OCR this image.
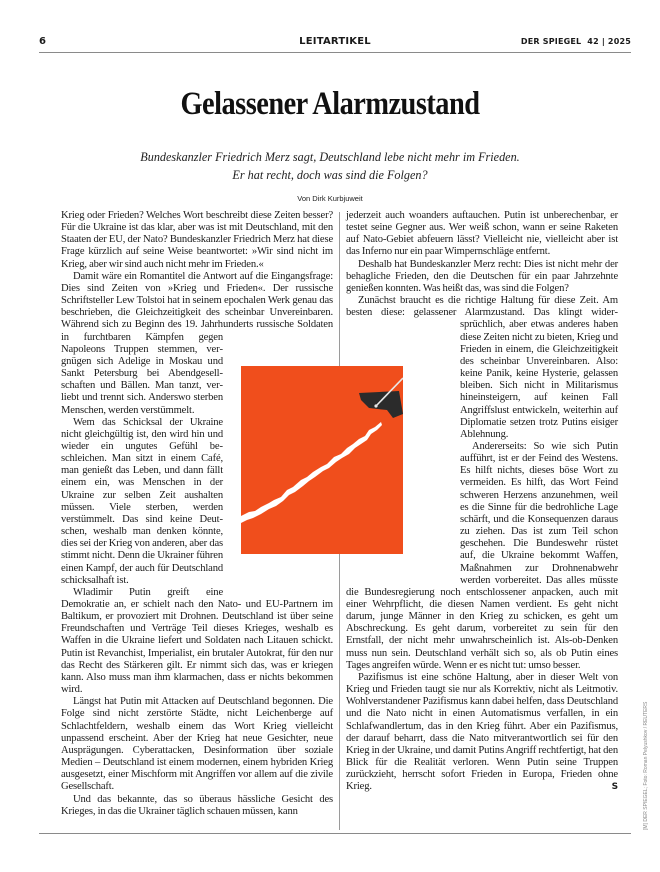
6	LEITARTIKEL	DER SPIEGEL  42 | 2025
Gelassener Alarmzustand
Bundeskanzler Friedrich Merz sagt, Deutschland lebe nicht mehr im Frieden.
Er hat recht, doch was sind die Folgen?
Von Dirk Kurbjuweit

Krieg oder Frieden? Welches Wort beschreibt diese Zeiten besser? Für die Ukraine ist das klar, aber was ist mit Deutschland, mit den Staaten der EU, der Nato? Bundeskanzler Friedrich Merz hat diese Frage kürzlich auf seine Weise beantwortet: »Wir sind nicht im Krieg, aber wir sind auch nicht mehr im Frieden.«

Damit wäre ein Romantitel die Antwort auf die Eingangsfrage: Dies sind Zeiten von »Krieg und Frieden«. Der russische Schriftsteller Lew Tolstoi hat in seinem epochalen Werk genau das beschrieben, die Gleichzeitigkeit des scheinbar Unvereinbaren. Während sich zu Beginn des 19. Jahrhunderts russische Soldaten in furchtbaren Kämpfen gegen Napoleons Truppen stemmen, vergnügen sich Adelige in Moskau und Sankt Petersburg bei Abendgesellschaften und Bällen. Man tanzt, verliebt und trennt sich. Anderswo sterben Menschen, werden verstümmelt.

Wem das Schicksal der Ukraine nicht gleichgültig ist, den wird hin und wieder ein ungutes Gefühl beschleichen. Man sitzt in einem Café, man genießt das Leben, und dann fällt einem ein, was Menschen in der Ukraine zur selben Zeit aushalten müssen. Viele sterben, werden verstümmelt. Das sind keine Deutschen, weshalb man denken könnte, dies sei der Krieg von anderen, aber das stimmt nicht. Denn die Ukrainer führen einen Kampf, der auch für Deutschland schicksalhaft ist.

Wladimir Putin greift eine Demokratie an, er schielt nach den Nato- und EU-Partnern im Baltikum, er provoziert mit Drohnen. Deutschland ist über seine Freundschaften und Verträge Teil dieses Krieges, weshalb es Waffen in die Ukraine liefert und Soldaten nach Litauen schickt. Putin ist Revanchist, Imperialist, ein brutaler Autokrat, für den nur das Recht des Stärkeren gilt. Er nimmt sich das, was er kriegen kann. Also muss man ihm klarmachen, dass er nichts bekommen wird.

Längst hat Putin mit Attacken auf Deutschland begonnen. Die Folge sind nicht zerstörte Städte, nicht Leichenberge auf Schlachtfeldern, weshalb einem das Wort Krieg vielleicht unpassend erscheint. Aber der Krieg hat neue Gesichter, neue Ausprägungen. Cyberattacken, Desinformation über soziale Medien – Deutschland ist einem modernen, einem hybriden Krieg ausgesetzt, einer Mischform mit Angriffen vor allem auf die zivile Gesellschaft.

Und das bekannte, das so überaus hässliche Gesicht des Krieges, in das die Ukrainer täglich schauen müssen, kann

jederzeit auch woanders auftauchen. Putin ist unberechenbar, er testet seine Gegner aus. Wer weiß schon, wann er seine Raketen auf Nato-Gebiet abfeuern lässt? Vielleicht nie, vielleicht aber ist das Inferno nur ein paar Wimpernschläge entfernt.

Deshalb hat Bundeskanzler Merz recht: Dies ist nicht mehr der behagliche Frieden, den die Deutschen für ein paar Jahrzehnte genießen konnten. Was heißt das, was sind die Folgen?

Zunächst braucht es die richtige Haltung für diese Zeit. Am besten diese: gelassener Alarmzustand. Das klingt widersprüchlich, aber etwas anderes haben diese Zeiten nicht zu bieten, Krieg und Frieden in einem, die Gleichzeitigkeit des scheinbar Unvereinbaren. Also: keine Panik, keine Hysterie, gelassen bleiben. Sich nicht in Militarismus hineinsteigern, auf keinen Fall Angriffslust entwickeln, weiterhin auf Diplomatie setzen trotz Putins eisiger Ablehnung.

Andererseits: So wie sich Putin aufführt, ist er der Feind des Westens. Es hilft nichts, dieses böse Wort zu vermeiden. Es hilft, das Wort Feind schweren Herzens anzunehmen, weil es die Sinne für die bedrohliche Lage schärft, und die Konsequenzen daraus zu ziehen. Das ist zum Teil schon geschehen. Die Bundeswehr rüstet auf, die Ukraine bekommt Waffen, Maßnahmen zur Drohnenabwehr werden vorbereitet. Das alles müsste die Bundesregierung noch entschlossener anpacken, auch mit einer Wehrpflicht, die diesen Namen verdient. Es geht nicht darum, junge Männer in den Krieg zu schicken, es geht um Abschreckung. Es geht darum, vorbereitet zu sein für den Ernstfall, der nicht mehr unwahrscheinlich ist. Als-ob-Denken muss nun sein. Deutschland verhält sich so, als ob Putin eines Tages angreifen würde. Wenn er es nicht tut: umso besser.

Pazifismus ist eine schöne Haltung, aber in dieser Welt von Krieg und Frieden taugt sie nur als Korrektiv, nicht als Leitmotiv. Wohlverstandener Pazifismus kann dabei helfen, dass Deutschland und die Nato nicht in einen Automatismus verfallen, in ein Schlafwandlertum, das in den Krieg führt. Aber ein Pazifismus, der darauf beharrt, dass die Nato mitverantwortlich sei für den Krieg in der Ukraine, und damit Putins Angriff rechtfertigt, hat den Blick für die Realität verloren. Wenn Putin seine Truppen zurückzieht, herrscht sofort Frieden in Europa, Frieden ohne Krieg.	S	[M] DER SPIEGEL; Foto: Roman Pelyushkov / REUTERS
